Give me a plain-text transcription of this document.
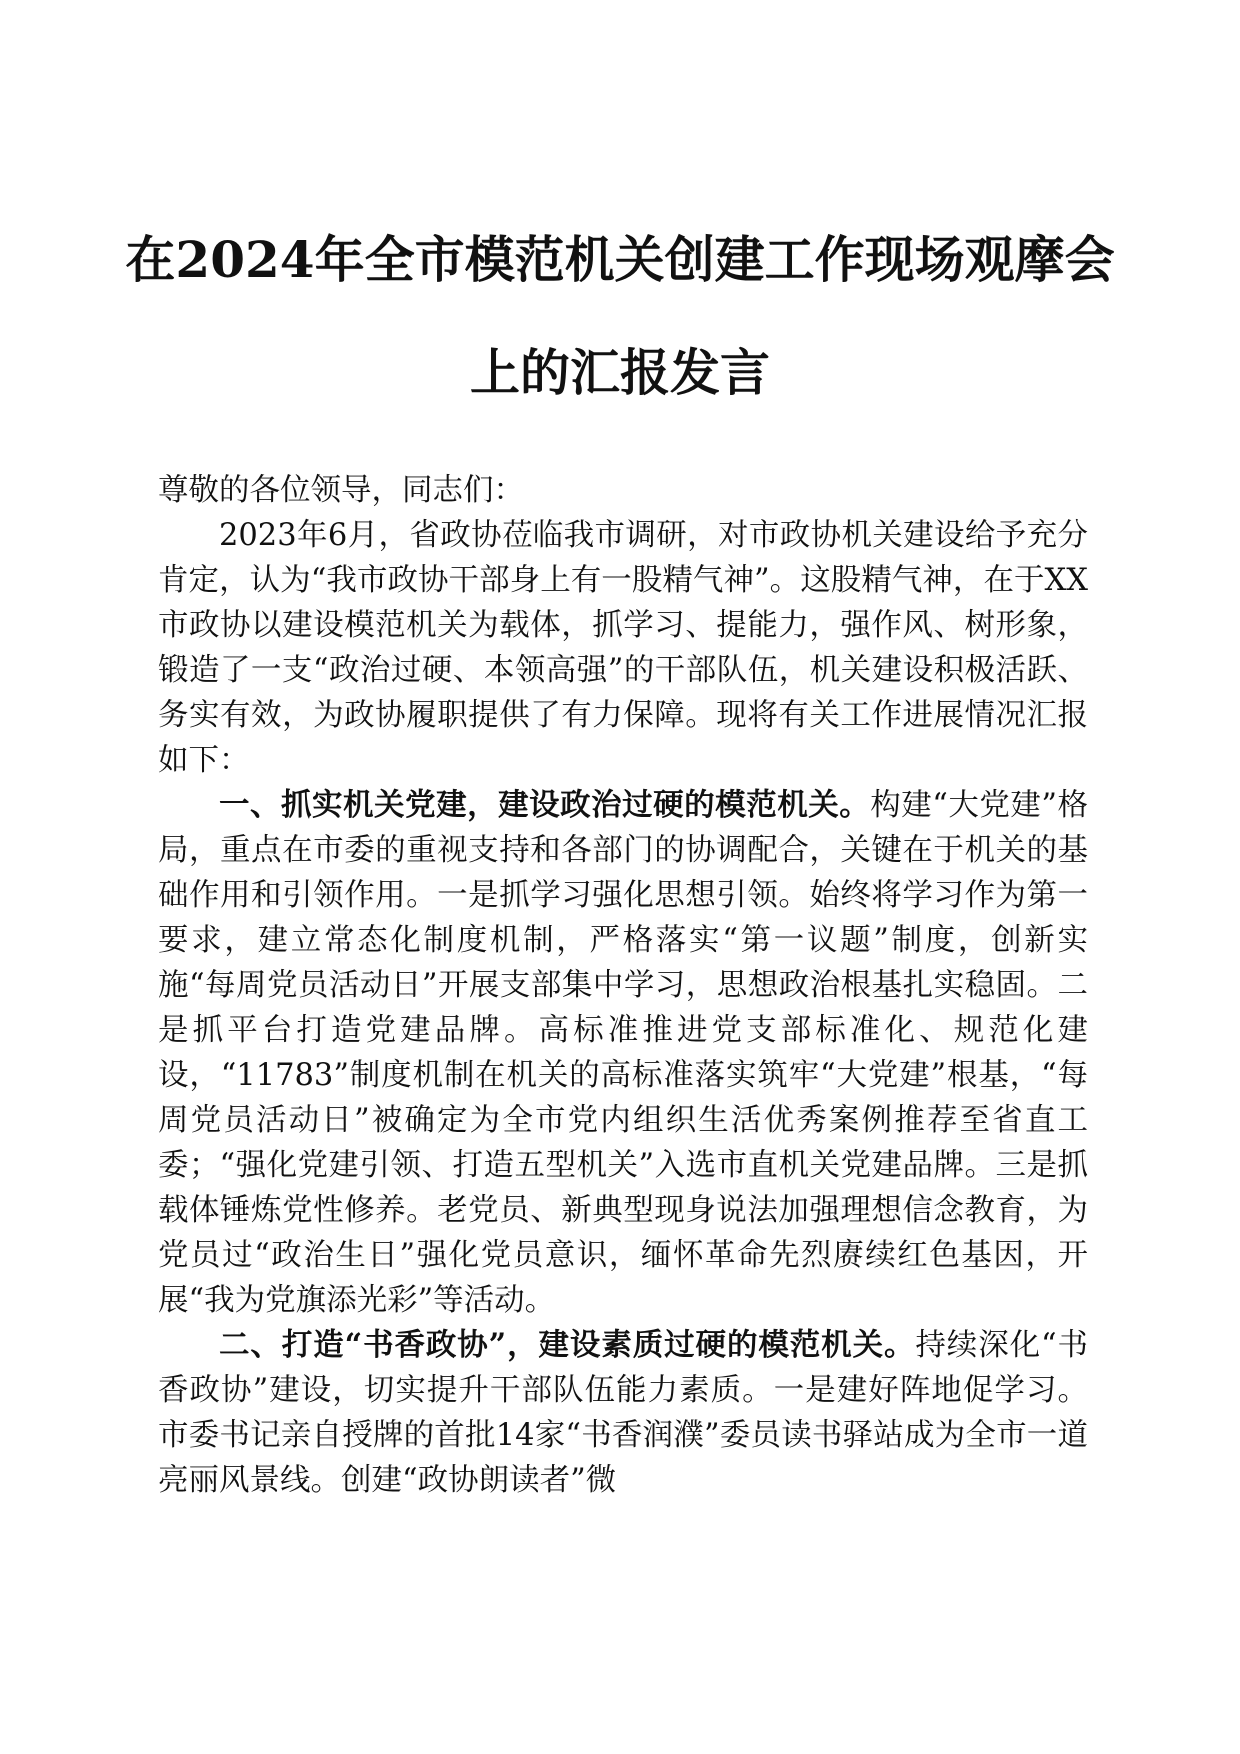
在2024年全市模范机关创建工作现场观摩会
上的汇报发言

尊敬的各位领导，同志们：

2023年6月，省政协莅临我市调研，对市政协机关建设给予充分肯定，认为“我市政协干部身上有一股精气神”。这股精气神，在于XX市政协以建设模范机关为载体，抓学习、提能力，强作风、树形象，锻造了一支“政治过硬、本领高强”的干部队伍，机关建设积极活跃、务实有效，为政协履职提供了有力保障。现将有关工作进展情况汇报如下：

一、抓实机关党建，建设政治过硬的模范机关。构建“大党建”格局，重点在市委的重视支持和各部门的协调配合，关键在于机关的基础作用和引领作用。一是抓学习强化思想引领。始终将学习作为第一要求，建立常态化制度机制，严格落实“第一议题”制度，创新实施“每周党员活动日”开展支部集中学习，思想政治根基扎实稳固。二是抓平台打造党建品牌。高标准推进党支部标准化、规范化建设，“11783”制度机制在机关的高标准落实筑牢“大党建”根基，“每周党员活动日”被确定为全市党内组织生活优秀案例推荐至省直工委；“强化党建引领、打造五型机关”入选市直机关党建品牌。三是抓载体锤炼党性修养。老党员、新典型现身说法加强理想信念教育，为党员过“政治生日”强化党员意识，缅怀革命先烈赓续红色基因，开展“我为党旗添光彩”等活动。

二、打造“书香政协”，建设素质过硬的模范机关。持续深化“书香政协”建设，切实提升干部队伍能力素质。一是建好阵地促学习。市委书记亲自授牌的首批14家“书香润濮”委员读书驿站成为全市一道亮丽风景线。创建“政协朗读者”微
